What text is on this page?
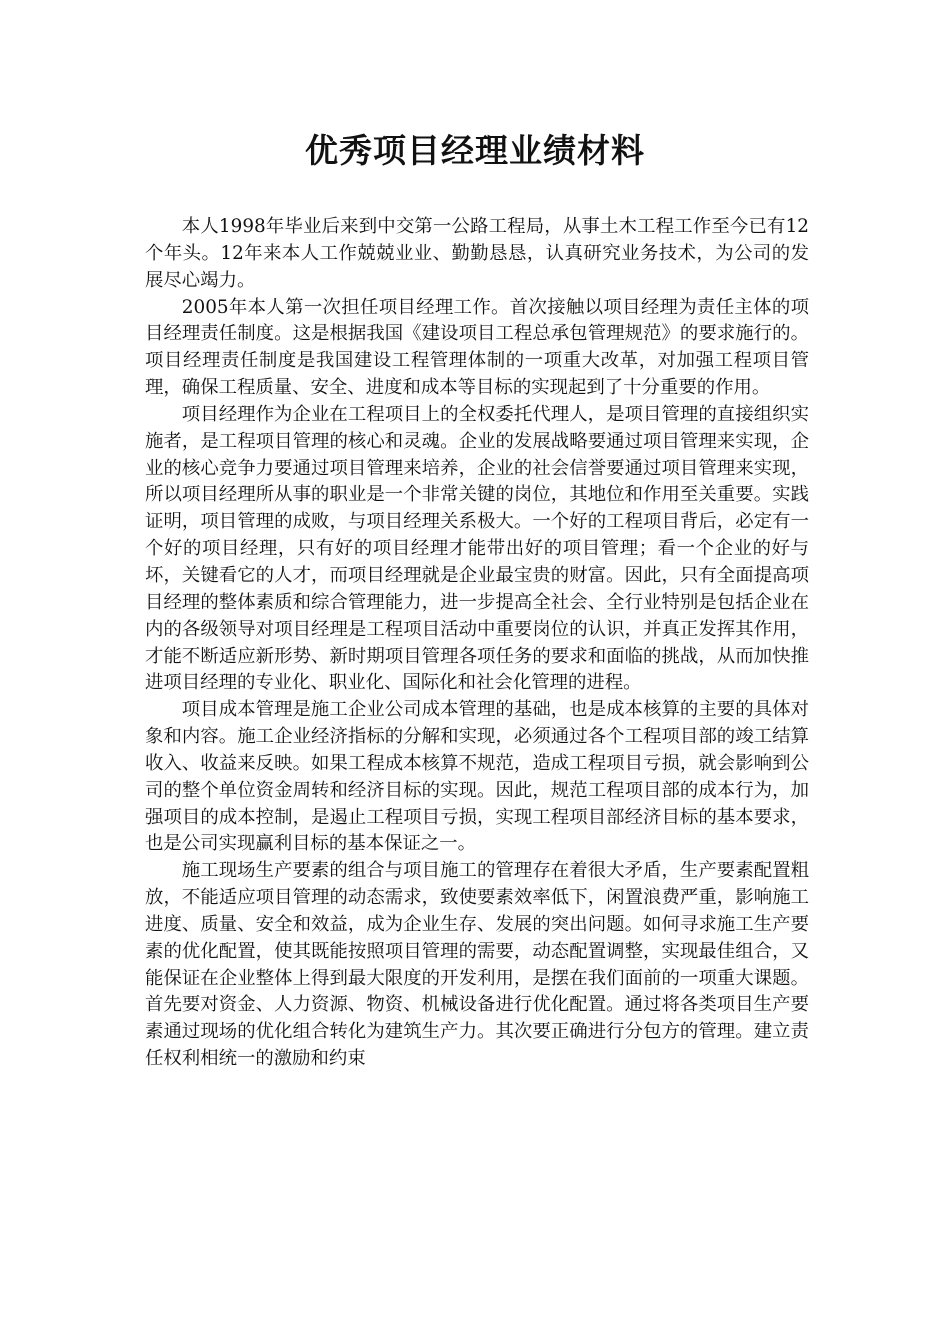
优秀项目经理业绩材料

本人1998年毕业后来到中交第一公路工程局，从事土木工程工作至今已有12个年头。12年来本人工作兢兢业业、勤勤恳恳，认真研究业务技术，为公司的发展尽心竭力。

2005年本人第一次担任项目经理工作。首次接触以项目经理为责任主体的项目经理责任制度。这是根据我国《建设项目工程总承包管理规范》的要求施行的。项目经理责任制度是我国建设工程管理体制的一项重大改革，对加强工程项目管理，确保工程质量、安全、进度和成本等目标的实现起到了十分重要的作用。

项目经理作为企业在工程项目上的全权委托代理人，是项目管理的直接组织实施者，是工程项目管理的核心和灵魂。企业的发展战略要通过项目管理来实现，企业的核心竞争力要通过项目管理来培养，企业的社会信誉要通过项目管理来实现，所以项目经理所从事的职业是一个非常关键的岗位，其地位和作用至关重要。实践证明，项目管理的成败，与项目经理关系极大。一个好的工程项目背后，必定有一个好的项目经理，只有好的项目经理才能带出好的项目管理；看一个企业的好与坏，关键看它的人才，而项目经理就是企业最宝贵的财富。因此，只有全面提高项目经理的整体素质和综合管理能力，进一步提高全社会、全行业特别是包括企业在内的各级领导对项目经理是工程项目活动中重要岗位的认识，并真正发挥其作用，才能不断适应新形势、新时期项目管理各项任务的要求和面临的挑战，从而加快推进项目经理的专业化、职业化、国际化和社会化管理的进程。

项目成本管理是施工企业公司成本管理的基础，也是成本核算的主要的具体对象和内容。施工企业经济指标的分解和实现，必须通过各个工程项目部的竣工结算收入、收益来反映。如果工程成本核算不规范，造成工程项目亏损，就会影响到公司的整个单位资金周转和经济目标的实现。因此，规范工程项目部的成本行为，加强项目的成本控制，是遏止工程项目亏损，实现工程项目部经济目标的基本要求，也是公司实现赢利目标的基本保证之一。

施工现场生产要素的组合与项目施工的管理存在着很大矛盾，生产要素配置粗放，不能适应项目管理的动态需求，致使要素效率低下，闲置浪费严重，影响施工进度、质量、安全和效益，成为企业生存、发展的突出问题。如何寻求施工生产要素的优化配置，使其既能按照项目管理的需要，动态配置调整，实现最佳组合，又能保证在企业整体上得到最大限度的开发利用，是摆在我们面前的一项重大课题。首先要对资金、人力资源、物资、机械设备进行优化配置。通过将各类项目生产要素通过现场的优化组合转化为建筑生产力。其次要正确进行分包方的管理。建立责任权利相统一的激励和约束
